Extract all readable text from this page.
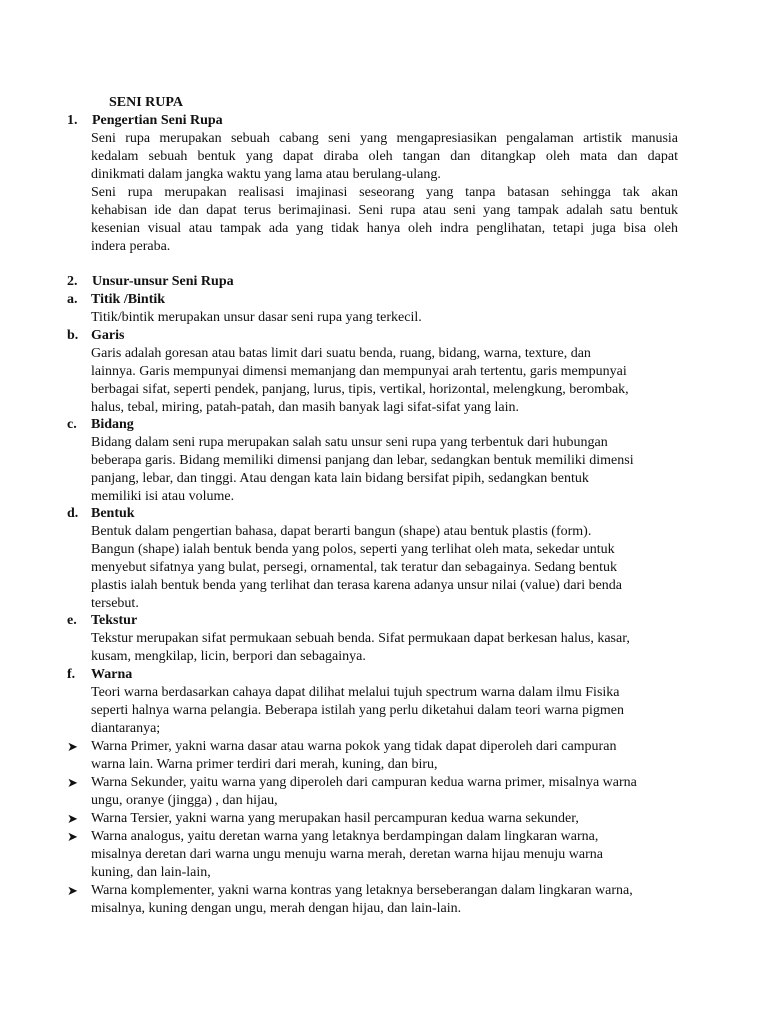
SENI RUPA
1. Pengertian Seni Rupa
Seni rupa merupakan sebuah cabang seni yang mengapresiasikan pengalaman artistik manusia
kedalam sebuah bentuk yang dapat diraba oleh tangan dan ditangkap oleh mata dan dapat
dinikmati dalam jangka waktu yang lama atau berulang-ulang.
Seni rupa merupakan realisasi imajinasi seseorang yang tanpa batasan sehingga tak akan
kehabisan ide dan dapat terus berimajinasi. Seni rupa atau seni yang tampak adalah satu bentuk
kesenian visual atau tampak ada yang tidak hanya oleh indra penglihatan, tetapi juga bisa oleh
indera peraba.
2. Unsur-unsur Seni Rupa
a. Titik /Bintik
Titik/bintik merupakan unsur dasar seni rupa yang terkecil.
b. Garis
Garis adalah goresan atau batas limit dari suatu benda, ruang, bidang, warna, texture, dan
lainnya. Garis mempunyai dimensi memanjang dan mempunyai arah tertentu, garis mempunyai
berbagai sifat, seperti pendek, panjang, lurus, tipis, vertikal, horizontal, melengkung, berombak,
halus, tebal, miring, patah-patah, dan masih banyak lagi sifat-sifat yang lain.
c. Bidang
Bidang dalam seni rupa merupakan salah satu unsur seni rupa yang terbentuk dari hubungan
beberapa garis. Bidang memiliki dimensi panjang dan lebar, sedangkan bentuk memiliki dimensi
panjang, lebar, dan tinggi. Atau dengan kata lain bidang bersifat pipih, sedangkan bentuk
memiliki isi atau volume.
d. Bentuk
Bentuk dalam pengertian bahasa, dapat berarti bangun (shape) atau bentuk plastis (form).
Bangun (shape) ialah bentuk benda yang polos, seperti yang terlihat oleh mata, sekedar untuk
menyebut sifatnya yang bulat, persegi, ornamental, tak teratur dan sebagainya. Sedang bentuk
plastis ialah bentuk benda yang terlihat dan terasa karena adanya unsur nilai (value) dari benda
tersebut.
e. Tekstur
Tekstur merupakan sifat permukaan sebuah benda. Sifat permukaan dapat berkesan halus, kasar,
kusam, mengkilap, licin, berpori dan sebagainya.
f. Warna
Teori warna berdasarkan cahaya dapat dilihat melalui tujuh spectrum warna dalam ilmu Fisika
seperti halnya warna pelangia. Beberapa istilah yang perlu diketahui dalam teori warna pigmen
diantaranya;
➤ Warna Primer, yakni warna dasar atau warna pokok yang tidak dapat diperoleh dari campuran
warna lain. Warna primer terdiri dari merah, kuning, dan biru,
➤ Warna Sekunder, yaitu warna yang diperoleh dari campuran kedua warna primer, misalnya warna
ungu, oranye (jingga) , dan hijau,
➤ Warna Tersier, yakni warna yang merupakan hasil percampuran kedua warna sekunder,
➤ Warna analogus, yaitu deretan warna yang letaknya berdampingan dalam lingkaran warna,
misalnya deretan dari warna ungu menuju warna merah, deretan warna hijau menuju warna
kuning, dan lain-lain,
➤ Warna komplementer, yakni warna kontras yang letaknya berseberangan dalam lingkaran warna,
misalnya, kuning dengan ungu, merah dengan hijau, dan lain-lain.
